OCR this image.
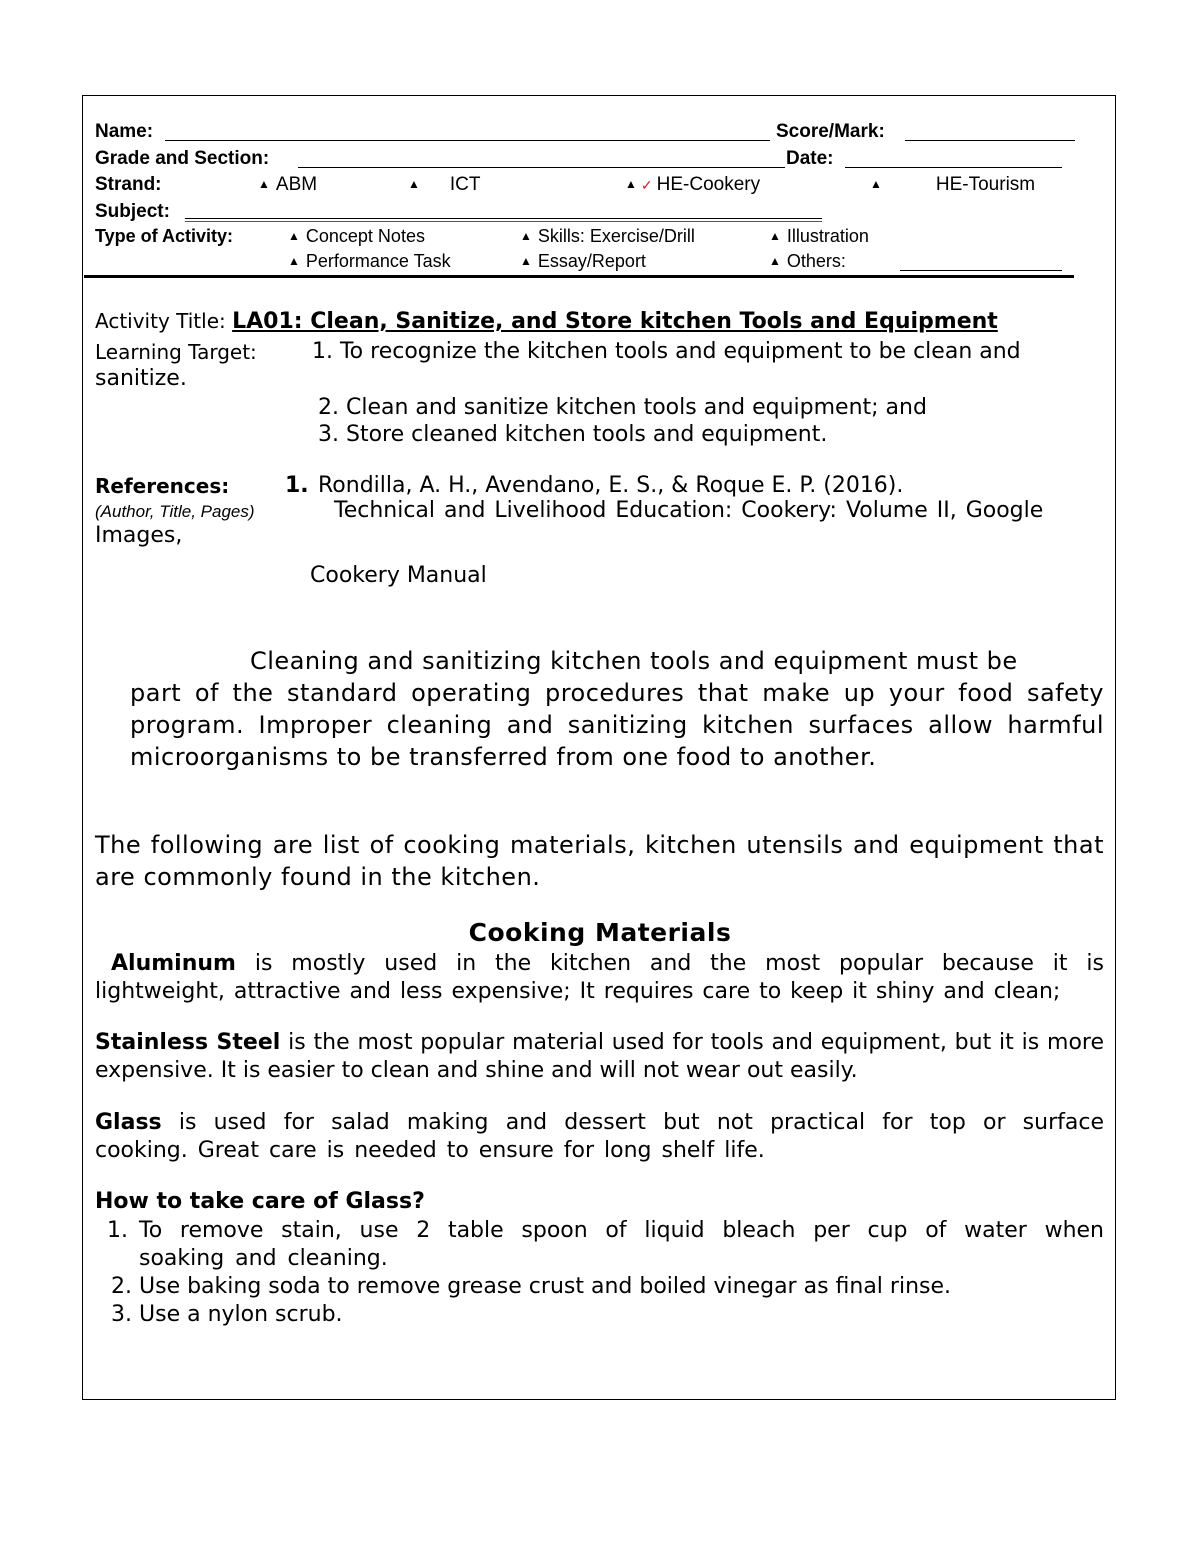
Name:	Score/Mark:
Grade and Section:	Date:
Strand:	▲ ABM	▲ ICT	▲ ✓ HE-Cookery	▲	HE-Tourism
Subject:
Type of Activity:	▲ Concept Notes	▲ Skills: Exercise/Drill	▲ Illustration
▲ Performance Task	▲ Essay/Report	▲ Others:
Activity Title: LA01: Clean, Sanitize, and Store kitchen Tools and Equipment
Learning Target:	1. To recognize the kitchen tools and equipment to be clean and
sanitize.
2. Clean and sanitize kitchen tools and equipment; and
3. Store cleaned kitchen tools and equipment.
References:	1. Rondilla, A. H., Avendano, E. S., & Roque E. P. (2016).
(Author, Title, Pages)	Technical and Livelihood Education: Cookery: Volume II, Google
Images,
Cookery Manual
Cleaning and sanitizing kitchen tools and equipment must be
part of the standard operating procedures that make up your food safety program. Improper cleaning and sanitizing kitchen surfaces allow harmful microorganisms to be transferred from one food to another.
The following are list of cooking materials, kitchen utensils and equipment that are commonly found in the kitchen.
Cooking Materials
Aluminum is mostly used in the kitchen and the most popular because it is lightweight, attractive and less expensive; It requires care to keep it shiny and clean;
Stainless Steel is the most popular material used for tools and equipment, but it is more expensive. It is easier to clean and shine and will not wear out easily.
Glass is used for salad making and dessert but not practical for top or surface cooking. Great care is needed to ensure for long shelf life.
How to take care of Glass?
1. To remove stain, use 2 table spoon of liquid bleach per cup of water when soaking and cleaning.
2. Use baking soda to remove grease crust and boiled vinegar as final rinse.
3. Use a nylon scrub.
